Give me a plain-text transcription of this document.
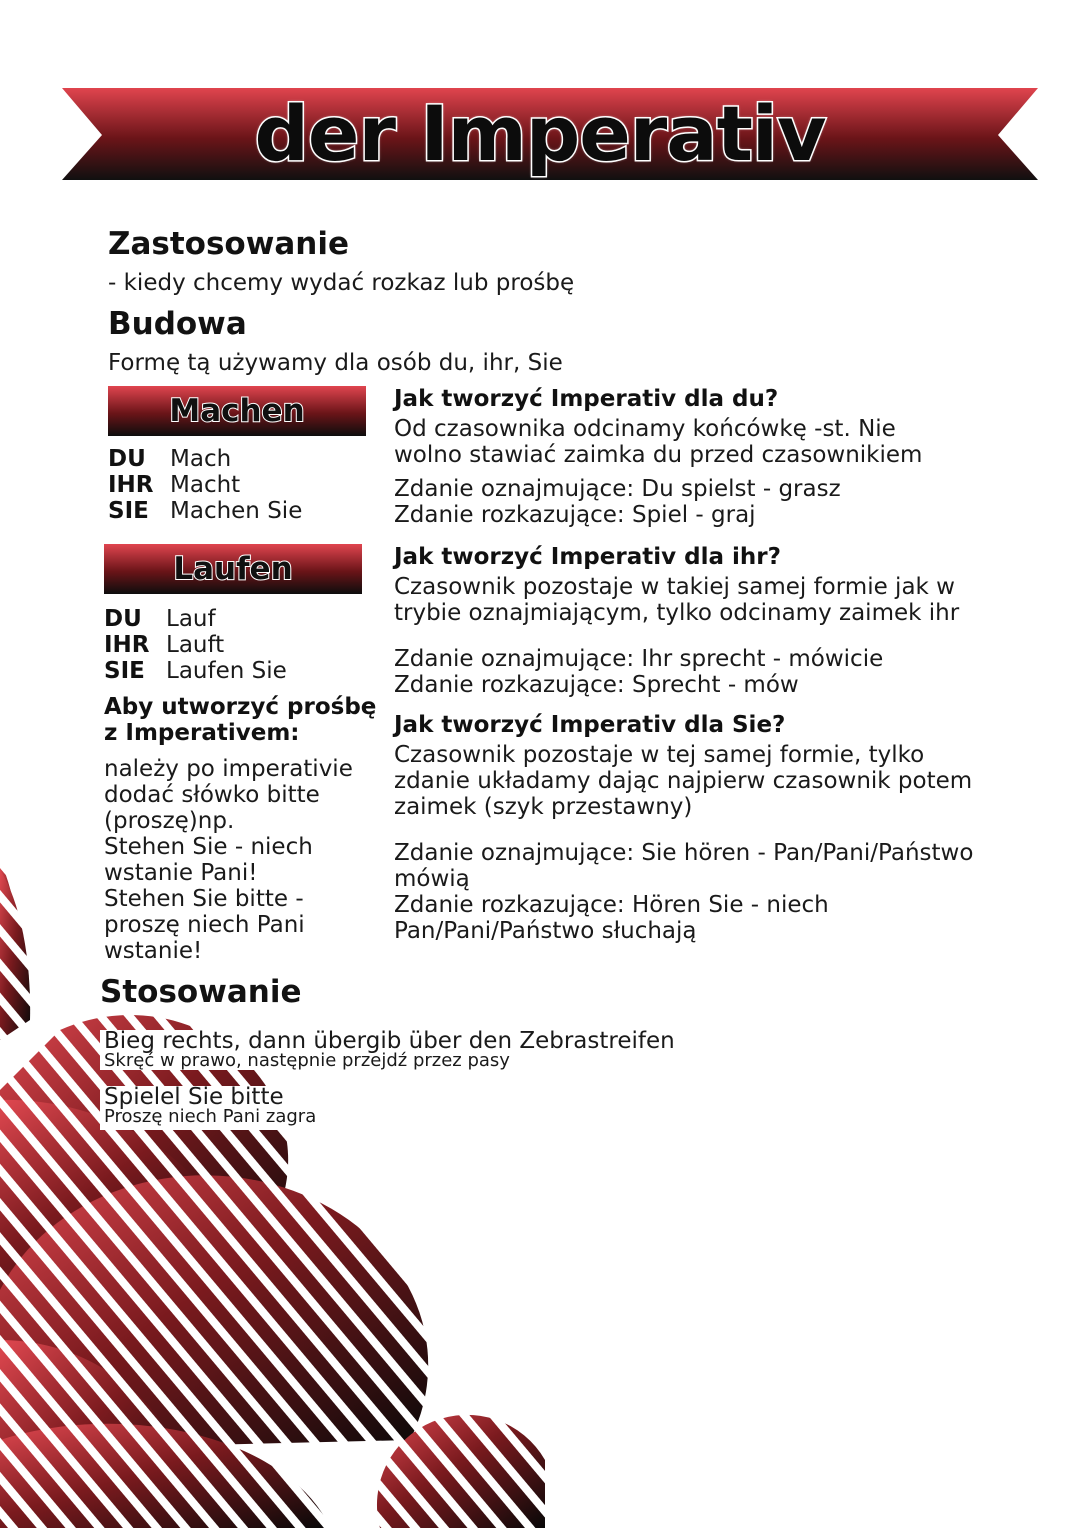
der Imperativ
Zastosowanie
- kiedy chcemy wydać rozkaz lub prośbę
Budowa
Formę tą używamy dla osób du, ihr, Sie
Machen
DU	Mach
IHR Macht
SIE Machen Sie
Laufen
DU	Lauf
IHR Lauft
SIE Laufen Sie
Aby utworzyć prośbę
z Imperativem:
należy po imperativie
dodać słówko bitte
(proszę)np.
Stehen Sie - niech
wstanie Pani!
Stehen Sie bitte -
proszę niech Pani
wstanie!
Jak tworzyć Imperativ dla du?
Od czasownika odcinamy końcówkę -st. Nie
wolno stawiać zaimka du przed czasownikiem
Zdanie oznajmujące: Du spielst - grasz
Zdanie rozkazujące: Spiel - graj
Jak tworzyć Imperativ dla ihr?
Czasownik pozostaje w takiej samej formie jak w
trybie oznajmiającym, tylko odcinamy zaimek ihr
Zdanie oznajmujące: Ihr sprecht - mówicie
Zdanie rozkazujące: Sprecht - mów
Jak tworzyć Imperativ dla Sie?
Czasownik pozostaje w tej samej formie, tylko
zdanie układamy dając najpierw czasownik potem
zaimek (szyk przestawny)
Zdanie oznajmujące: Sie hören - Pan/Pani/Państwo
mówią
Zdanie rozkazujące: Hören Sie - niech
Pan/Pani/Państwo słuchają
Stosowanie
Bieg rechts, dann übergib über den Zebrastreifen
Skręć w prawo, następnie przejdź przez pasy
Spielel Sie bitte
Proszę niech Pani zagra
